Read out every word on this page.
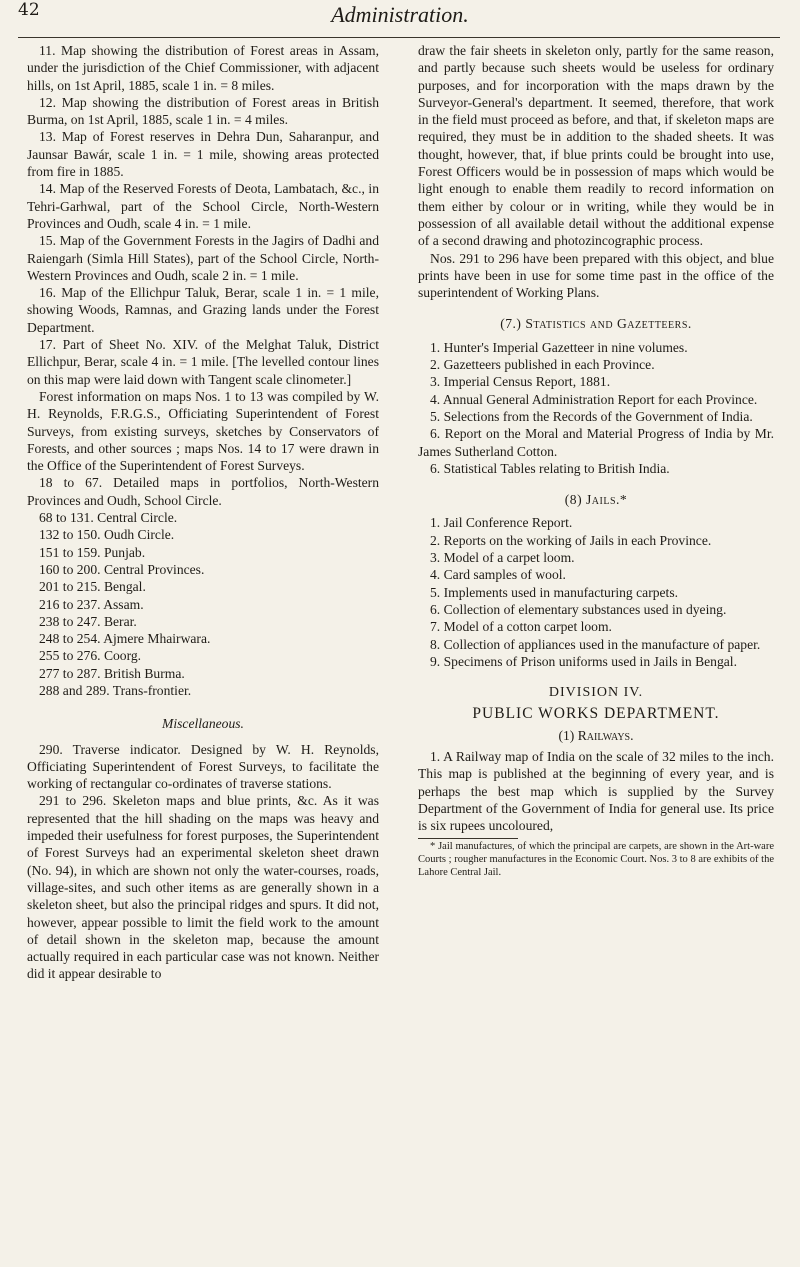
42	Administration.

11. Map showing the distribution of Forest areas in Assam, under the jurisdiction of the Chief Commissioner, with adjacent hills, on 1st April, 1885, scale 1 in. = 8 miles.

12. Map showing the distribution of Forest areas in British Burma, on 1st April, 1885, scale 1 in. = 4 miles.

13. Map of Forest reserves in Dehra Dun, Saharanpur, and Jaunsar Bawár, scale 1 in. = 1 mile, showing areas protected from fire in 1885.

14. Map of the Reserved Forests of Deota, Lambatach, &c., in Tehri-Garhwal, part of the School Circle, North-Western Provinces and Oudh, scale 4 in. = 1 mile.

15. Map of the Government Forests in the Jagirs of Dadhi and Raiengarh (Simla Hill States), part of the School Circle, North-Western Provinces and Oudh, scale 2 in. = 1 mile.

16. Map of the Ellichpur Taluk, Berar, scale 1 in. = 1 mile, showing Woods, Ramnas, and Grazing lands under the Forest Department.

17. Part of Sheet No. XIV. of the Melghat Taluk, District Ellichpur, Berar, scale 4 in. = 1 mile. [The levelled contour lines on this map were laid down with Tangent scale clinometer.]

Forest information on maps Nos. 1 to 13 was compiled by W. H. Reynolds, F.R.G.S., Officiating Superintendent of Forest Surveys, from existing surveys, sketches by Conservators of Forests, and other sources ; maps Nos. 14 to 17 were drawn in the Office of the Superintendent of Forest Surveys.

18 to 67. Detailed maps in portfolios, North-Western Provinces and Oudh, School Circle.

68 to 131. Central Circle.

132 to 150. Oudh Circle.

151 to 159. Punjab.

160 to 200. Central Provinces.

201 to 215. Bengal.

216 to 237. Assam.

238 to 247. Berar.

248 to 254. Ajmere Mhairwara.

255 to 276. Coorg.

277 to 287. British Burma.

288 and 289. Trans-frontier.

Miscellaneous.

290. Traverse indicator. Designed by W. H. Reynolds, Officiating Superintendent of Forest Surveys, to facilitate the working of rectangular co-ordinates of traverse stations.

291 to 296. Skeleton maps and blue prints, &c. As it was represented that the hill shading on the maps was heavy and impeded their usefulness for forest purposes, the Superintendent of Forest Surveys had an experimental skeleton sheet drawn (No. 94), in which are shown not only the water-courses, roads, village-sites, and such other items as are generally shown in a skeleton sheet, but also the principal ridges and spurs. It did not, however, appear possible to limit the field work to the amount of detail shown in the skeleton map, because the amount actually required in each particular case was not known. Neither did it appear desirable to

draw the fair sheets in skeleton only, partly for the same reason, and partly because such sheets would be useless for ordinary purposes, and for incorporation with the maps drawn by the Surveyor-General's department. It seemed, therefore, that work in the field must proceed as before, and that, if skeleton maps are required, they must be in addition to the shaded sheets. It was thought, however, that, if blue prints could be brought into use, Forest Officers would be in possession of maps which would be light enough to enable them readily to record information on them either by colour or in writing, while they would be in possession of all available detail without the additional expense of a second drawing and photozincographic process.

Nos. 291 to 296 have been prepared with this object, and blue prints have been in use for some time past in the office of the superintendent of Working Plans.

(7.) Statistics and Gazetteers.

1. Hunter's Imperial Gazetteer in nine volumes.

2. Gazetteers published in each Province.

3. Imperial Census Report, 1881.

4. Annual General Administration Report for each Province.

5. Selections from the Records of the Government of India.

6. Report on the Moral and Material Progress of India by Mr. James Sutherland Cotton.

6. Statistical Tables relating to British India.

(8) Jails.*

1. Jail Conference Report.

2. Reports on the working of Jails in each Province.

3. Model of a carpet loom.

4. Card samples of wool.

5. Implements used in manufacturing carpets.

6. Collection of elementary substances used in dyeing.

7. Model of a cotton carpet loom.

8. Collection of appliances used in the manufacture of paper.

9. Specimens of Prison uniforms used in Jails in Bengal.

DIVISION IV.

PUBLIC WORKS DEPARTMENT.

(1) Railways.

1. A Railway map of India on the scale of 32 miles to the inch. This map is published at the beginning of every year, and is perhaps the best map which is supplied by the Survey Department of the Government of India for general use. Its price is six rupees uncoloured,

* Jail manufactures, of which the principal are carpets, are shown in the Art-ware Courts ; rougher manufactures in the Economic Court. Nos. 3 to 8 are exhibits of the Lahore Central Jail.
